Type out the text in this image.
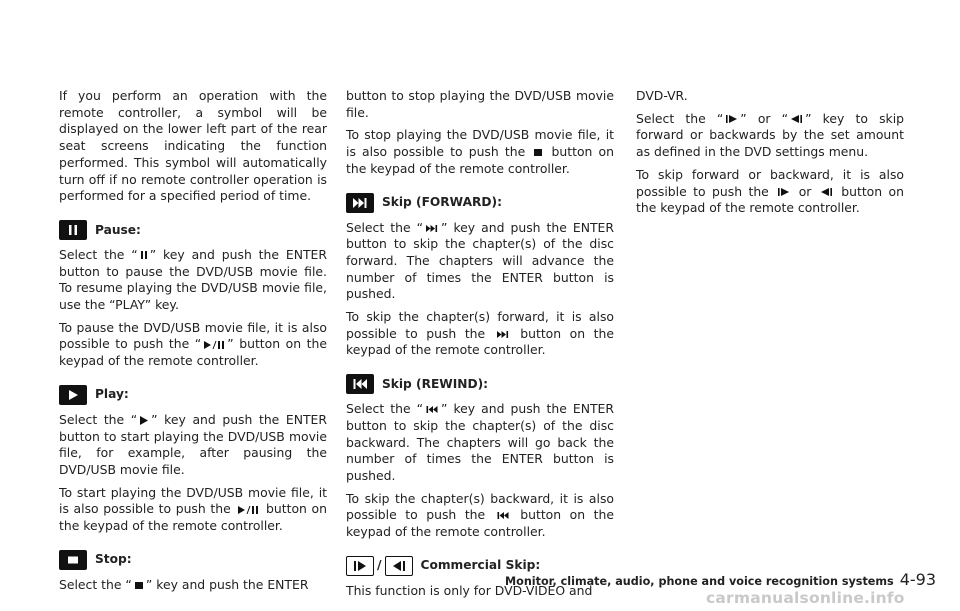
If you perform an operation with the remote controller, a symbol will be displayed on the lower left part of the rear seat screens indicating the function performed. This symbol will automatically turn off if no remote controller operation is performed for a specified period of time.

Pause:

Select the “ ” key and push the ENTER button to pause the DVD/USB movie file. To resume playing the DVD/USB movie file, use the “PLAY” key.

To pause the DVD/USB movie file, it is also possible to push the “ ” button on the keypad of the remote controller.

Play:

Select the “ ” key and push the ENTER button to start playing the DVD/USB movie file, for example, after pausing the DVD/USB movie file.

To start playing the DVD/USB movie file, it is also possible to push the	button on the keypad of the remote controller.

Stop:

Select the “ ” key and push the ENTER

button to stop playing the DVD/USB movie file.

To stop playing the DVD/USB movie file, it is also possible to push the button on the keypad of the remote controller.

Skip (FORWARD):

Select the “ ” key and push the ENTER button to skip the chapter(s) of the disc forward. The chapters will advance the number of times the ENTER button is pushed.

To skip the chapter(s) forward, it is also possible to push the	button on the keypad of the remote controller.

Skip (REWIND):

Select the “ ” key and push the ENTER button to skip the chapter(s) of the disc backward. The chapters will go back the number of times the ENTER button is pushed.

To skip the chapter(s) backward, it is also possible to push the	button on the keypad of the remote controller.

/	Commercial Skip:

This function is only for DVD-VIDEO and

DVD-VR.

Select the “ ” or “ ” key to skip forward or backwards by the set amount as defined in the DVD settings menu.

To skip forward or backward, it is also possible to push the or button on the keypad of the remote controller.

Monitor, climate, audio, phone and voice recognition systems 4-93
carmanualsonline.info
